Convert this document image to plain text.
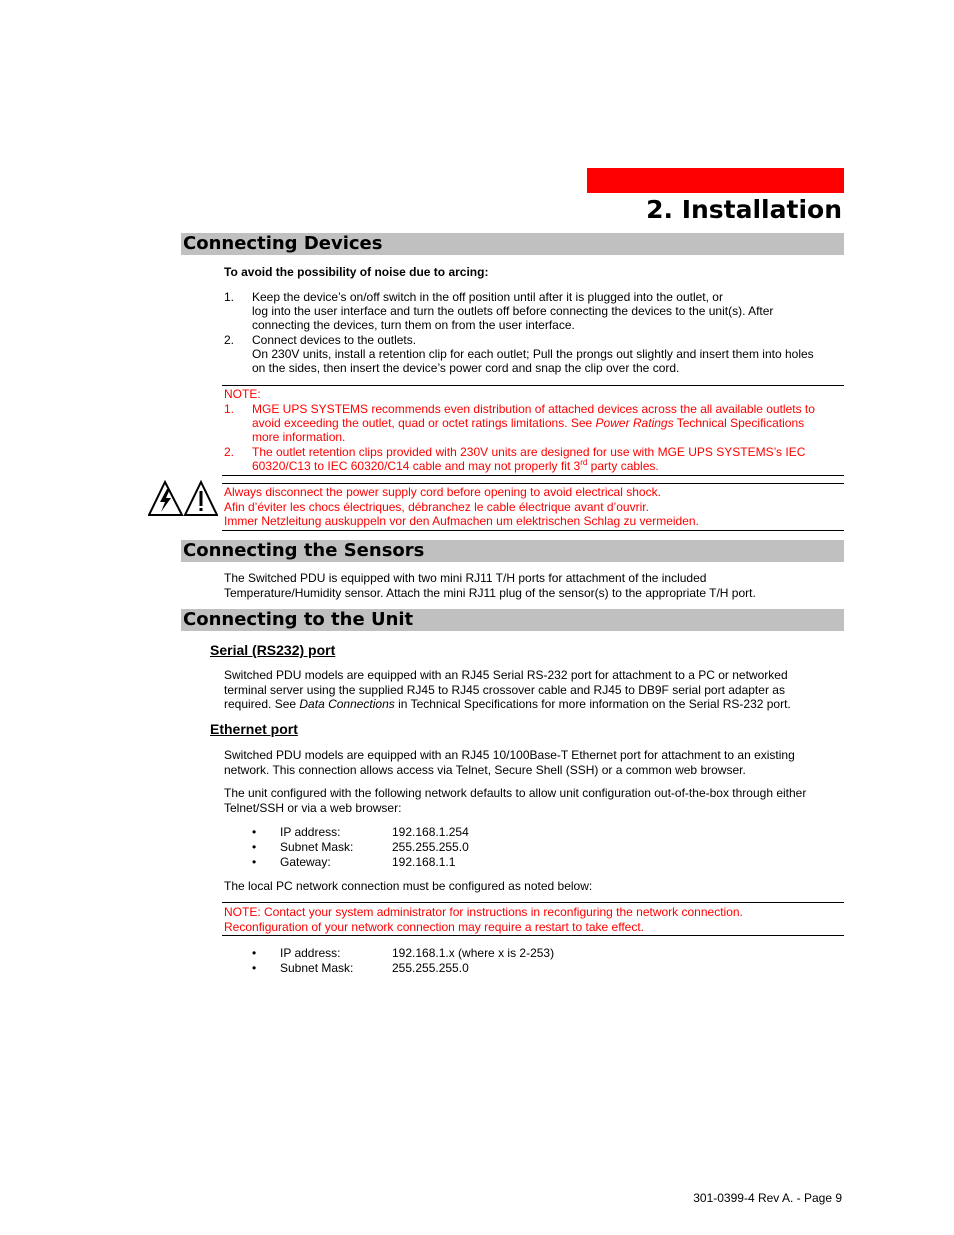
2. Installation
Connecting Devices
To avoid the possibility of noise due to arcing:
1. Keep the device’s on/off switch in the off position until after it is plugged into the outlet, or
log into the user interface and turn the outlets off before connecting the devices to the unit(s). After
connecting the devices, turn them on from the user interface.
2. Connect devices to the outlets.
On 230V units, install a retention clip for each outlet; Pull the prongs out slightly and insert them into holes
on the sides, then insert the device’s power cord and snap the clip over the cord.
NOTE:
1. MGE UPS SYSTEMS recommends even distribution of attached devices across the all available outlets to
avoid exceeding the outlet, quad or octet ratings limitations. See Power Ratings Technical Specifications
more information.
2. The outlet retention clips provided with 230V units are designed for use with MGE UPS SYSTEMS’s IEC
60320/C13 to IEC 60320/C14 cable and may not properly fit 3rd party cables.
Always disconnect the power supply cord before opening to avoid electrical shock.
Afin d’éviter les chocs électriques, débranchez le cable électrique avant d’ouvrir.
Immer Netzleitung auskuppeln vor den Aufmachen um elektrischen Schlag zu vermeiden.
Connecting the Sensors
The Switched PDU is equipped with two mini RJ11 T/H ports for attachment of the included
Temperature/Humidity sensor. Attach the mini RJ11 plug of the sensor(s) to the appropriate T/H port.
Connecting to the Unit
Serial (RS232) port
Switched PDU models are equipped with an RJ45 Serial RS-232 port for attachment to a PC or networked
terminal server using the supplied RJ45 to RJ45 crossover cable and RJ45 to DB9F serial port adapter as
required. See Data Connections in Technical Specifications for more information on the Serial RS-232 port.
Ethernet port
Switched PDU models are equipped with an RJ45 10/100Base-T Ethernet port for attachment to an existing
network. This connection allows access via Telnet, Secure Shell (SSH) or a common web browser.
The unit configured with the following network defaults to allow unit configuration out-of-the-box through either
Telnet/SSH or via a web browser:
• IP address:	192.168.1.254
• Subnet Mask:	255.255.255.0
• Gateway:	192.168.1.1
The local PC network connection must be configured as noted below:
NOTE: Contact your system administrator for instructions in reconfiguring the network connection.
Reconfiguration of your network connection may require a restart to take effect.
• IP address:	192.168.1.x (where x is 2-253)
• Subnet Mask:	255.255.255.0
301-0399-4 Rev A. - Page 9
